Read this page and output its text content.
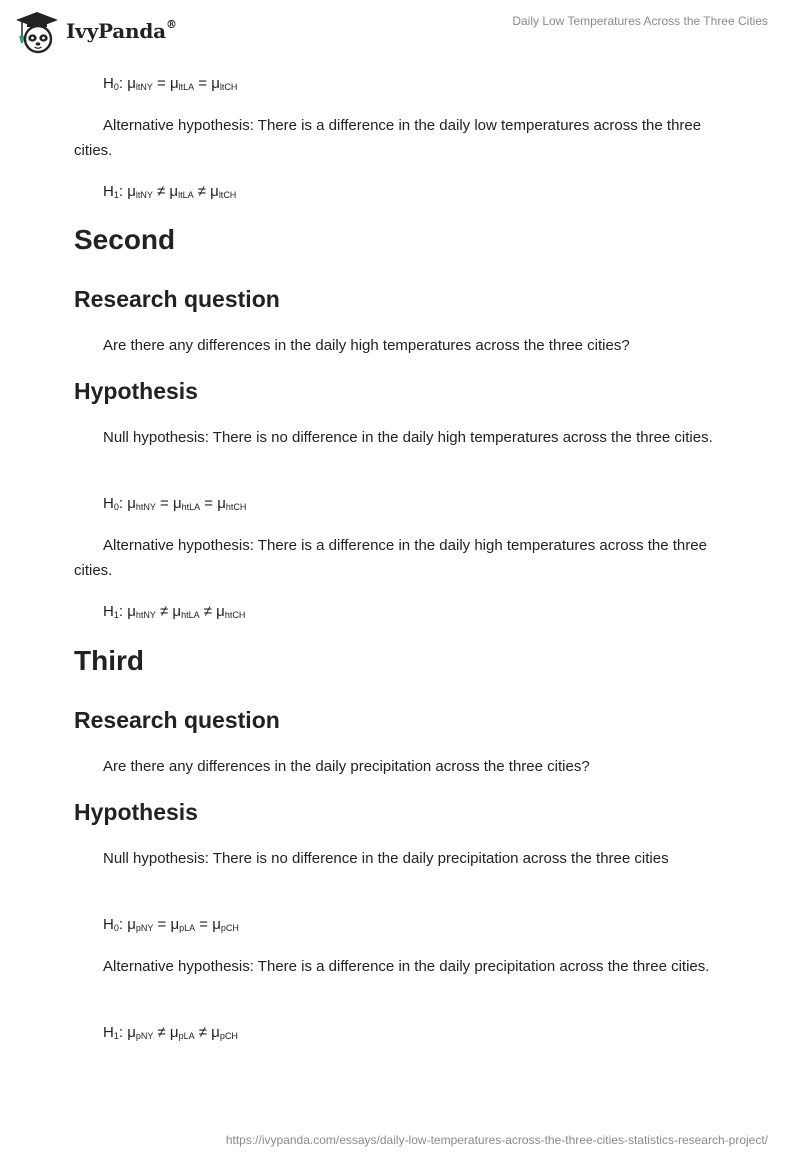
IvyPanda®	Daily Low Temperatures Across the Three Cities
$H_0$: $\mu_{ltNY} = \mu_{ltLA} = \mu_{ltCH}$
Alternative hypothesis: There is a difference in the daily low temperatures across the three cities.
$H_1$: $\mu_{ltNY} \ne \mu_{ltLA} \ne \mu_{ltCH}$
Second
Research question
Are there any differences in the daily high temperatures across the three cities?
Hypothesis
Null hypothesis: There is no difference in the daily high temperatures across the three cities.
$H_0$: $\mu_{htNY} = \mu_{htLA} = \mu_{htCH}$
Alternative hypothesis: There is a difference in the daily high temperatures across the three cities.
$H_1$: $\mu_{htNY} \ne \mu_{htLA} \ne \mu_{htCH}$
Third
Research question
Are there any differences in the daily precipitation across the three cities?
Hypothesis
Null hypothesis: There is no difference in the daily precipitation across the three cities
$H_0$: $\mu_{pNY} = \mu_{pLA} = \mu_{pCH}$
Alternative hypothesis: There is a difference in the daily precipitation across the three cities.
$H_1$: $\mu_{pNY} \ne \mu_{pLA} \ne \mu_{pCH}$
https://ivypanda.com/essays/daily-low-temperatures-across-the-three-cities-statistics-research-project/
